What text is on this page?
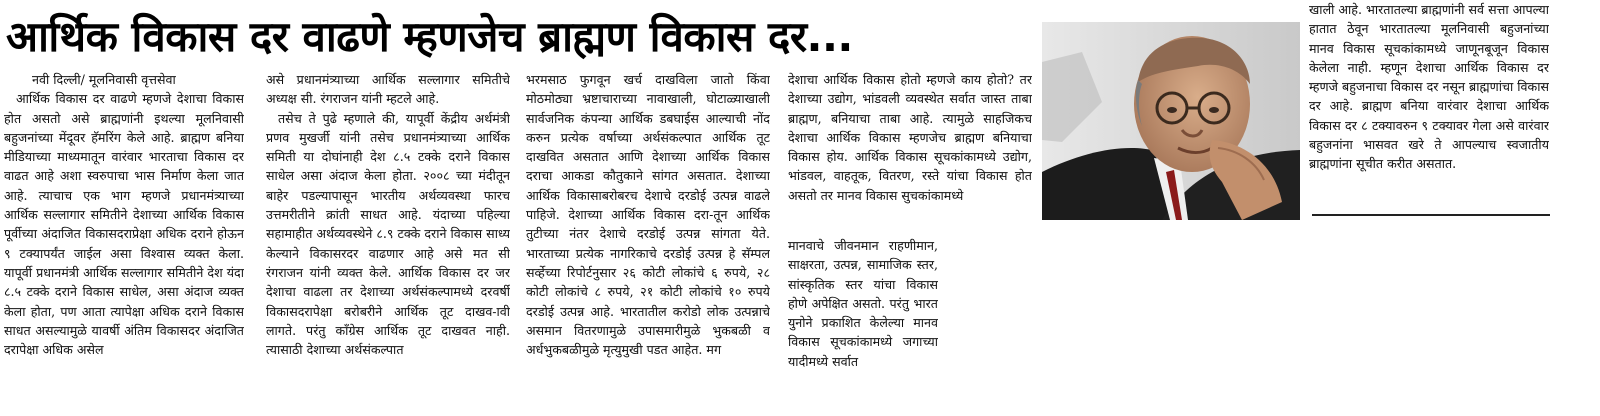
आर्थिक विकास दर वाढणे म्हणजेच ब्राह्मण विकास दर...
नवी दिल्ली/ मूलनिवासी वृत्तसेवा

आर्थिक विकास दर वाढणे म्हणजे देशाचा विकास होत असतो असे ब्राह्मणांनी इथल्या मूलनिवासी बहुजनांच्या मेंदूवर हॅमरिंग केले आहे. ब्राह्मण बनिया मीडियाच्या माध्यमातून वारंवार भारताचा विकास दर वाढत आहे अशा स्वरुपाचा भास निर्माण केला जात आहे. त्याचाच एक भाग म्हणजे प्रधानमंत्र्याच्या आर्थिक सल्लागार समितीने देशाच्या आर्थिक विकास पूर्वीच्या अंदाजित विकासदराप्रेक्षा अधिक दराने होऊन ९ टक्यापर्यंत जाईल असा विश्‍वास व्यक्त केला. यापूर्वी प्रधानमंत्री आर्थिक सल्लागार समितीने देश यंदा ८.५ टक्के दराने विकास साधेल, असा अंदाज व्यक्त केला होता, पण आता त्यापेक्षा अधिक दराने विकास साधत असल्यामुळे यावर्षी अंतिम विकासदर अंदाजित दरापेक्षा अधिक असेल

असे प्रधानमंत्र्याच्या आर्थिक सल्लागार समितीचे अध्यक्ष सी. रंगराजन यांनी म्हटले आहे.

तसेच ते पुढे म्हणाले की, यापूर्वी केंद्रीय अर्थमंत्री प्रणव मुखर्जी यांनी तसेच प्रधानमंत्र्याच्या आर्थिक समिती या दोघांनाही देश ८.५ टक्के दराने विकास साधेल असा अंदाज केला होता. २००८ च्या मंदीतून बाहेर पडल्यापासून भारतीय अर्थव्यवस्था फारच उत्तमरीतीने क्रांती साधत आहे. यंदाच्या पहिल्या सहामाहीत अर्थव्यवस्थेने ८.९ टक्के दराने विकास साध्य केल्याने विकासरदर वाढणार आहे असे मत सी रंगराजन यांनी व्यक्त केले. आर्थिक विकास दर जर देशाचा वाढला तर देशाच्या अर्थसंकल्पामध्ये दरवर्षी विकासदरापेक्षा बरोबरीने आर्थिक तूट दाखव-ावी लागते. परंतु कॉंग्रेस आर्थिक तूट दाखवत नाही. त्यासाठी देशाच्या अर्थसंकल्पात

भरमसाठ फुगवून खर्च दाखविला जातो किंवा मोठमोठ्या भ्रष्टाचाराच्या नावाखाली, घोटाळ्याखाली सार्वजनिक कंपन्या आर्थिक डबघाईस आल्याची नोंद करुन प्रत्येक वर्षाच्या अर्थसंकल्पात आर्थिक तूट दाखवित असतात आणि देशाच्या आर्थिक विकास दराचा आकडा कौतुकाने सांगत असतात. देशाच्या आर्थिक विकासाबरोबरच देशाचे दरडोई उत्पन्न वाढले पाहिजे. देशाच्या आर्थिक विकास दरा-तून आर्थिक तुटीच्या नंतर देशाचे दरडोई उत्पन्न सांगता येते. भारताच्या प्रत्येक नागरिकाचे दरडोई उत्पन्न हे सॅम्पल सर्व्हेच्या रिपोर्टनुसार २६ कोटी लोकांचे ६ रुपये, २८ कोटी लोकांचे ८ रुपये, २१ कोटी लोकांचे १० रुपये दरडोई उत्पन्न आहे. भारतातील करोडो लोक उत्पन्नाचे असमान वितरणामुळे उपासमारीमुळे भुकबळी व अर्धभुकबळीमुळे मृत्युमुखी पडत आहेत. मग

देशाचा आर्थिक विकास होतो म्हणजे काय होतो? तर देशाच्या उद्योग, भांडवली व्यवस्थेत सर्वात जास्त ताबा ब्राह्मण, बनियाचा ताबा आहे. त्यामुळे साहजिकच देशाचा आर्थिक विकास म्हणजेच ब्राह्मण बनियाचा विकास होय. आर्थिक विकास सूचकांकामध्ये उद्योग, भांडवल, वाहतूक, वितरण, रस्ते यांचा विकास होत असतो तर मानव विकास सुचकांकामध्ये

मानवाचे जीवनमान राहणीमान, साक्षरता, उत्पन्न, सामाजिक स्तर, सांस्कृतिक स्तर यांचा विकास होणे अपेक्षित असतो. परंतु भारत युनोने प्रकाशित केलेल्या मानव विकास सूचकांकामध्ये जगाच्या यादीमध्ये सर्वात

खाली आहे. भारतातल्या ब्राह्मणांनी सर्व सत्ता आपल्या हातात ठेवून भारतातल्या मूलनिवासी बहुजनांच्या मानव विकास सूचकांकामध्ये जाणूनबूजून विकास केलेला नाही. म्हणून देशाचा आर्थिक विकास दर म्हणजे बहुजनाचा विकास दर नसून ब्राह्मणांचा विकास दर आहे. ब्राह्मण बनिया वारंवार देशाचा आर्थिक विकास दर ८ टक्यावरुन ९ टक्यावर गेला असे वारंवार बहुजनांना भासवत खरे ते आपल्याच स्वजातीय ब्राह्मणांना सूचीत करीत असतात.
